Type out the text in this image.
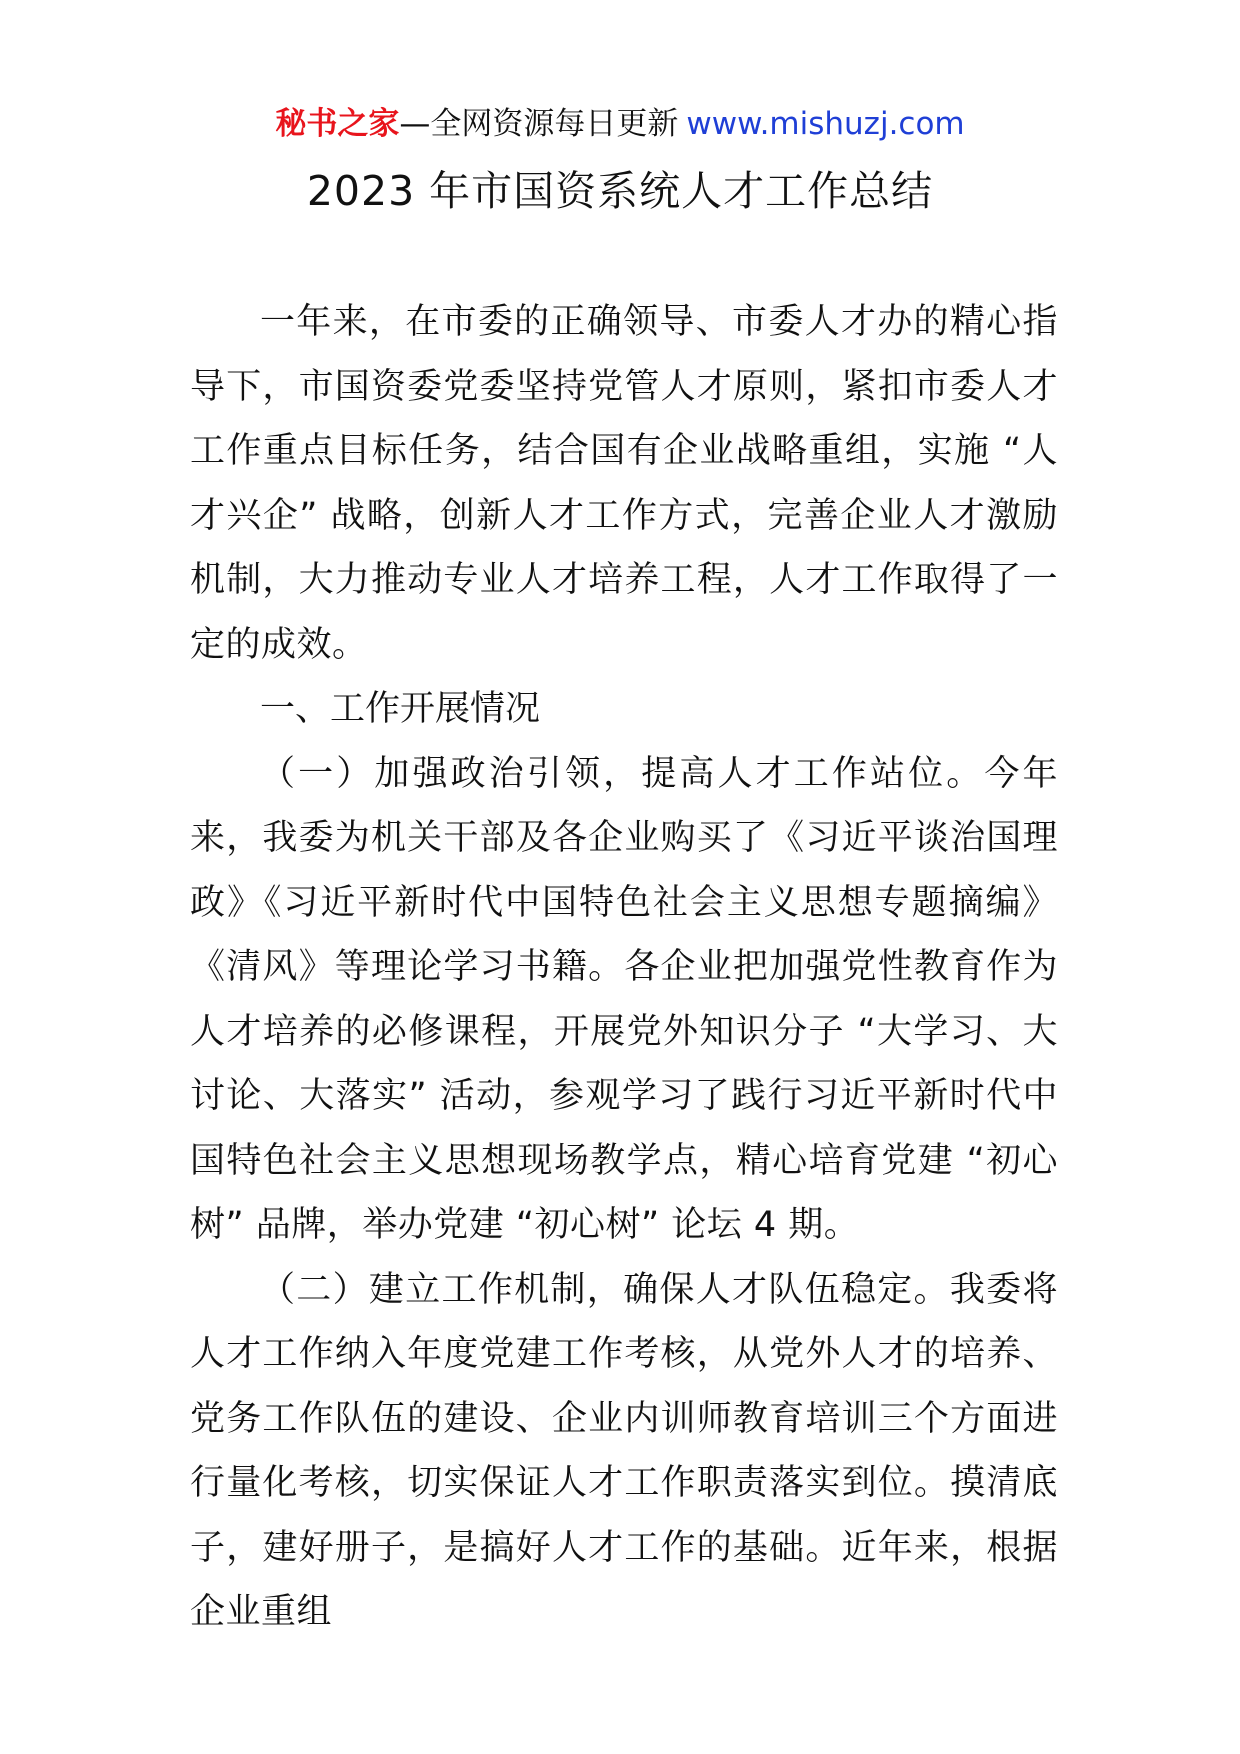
秘书之家—全网资源每日更新 www.mishuzj.com
2023 年市国资系统人才工作总结

一年来，在市委的正确领导、市委人才办的精心指导下，市国资委党委坚持党管人才原则，紧扣市委人才工作重点目标任务，结合国有企业战略重组，实施 “人才兴企” 战略，创新人才工作方式，完善企业人才激励机制，大力推动专业人才培养工程，人才工作取得了一定的成效。

一、工作开展情况

（一）加强政治引领，提高人才工作站位。今年来，我委为机关干部及各企业购买了《习近平谈治国理政》《习近平新时代中国特色社会主义思想专题摘编》《清风》等理论学习书籍。各企业把加强党性教育作为人才培养的必修课程，开展党外知识分子 “大学习、大讨论、大落实” 活动，参观学习了践行习近平新时代中国特色社会主义思想现场教学点，精心培育党建 “初心树” 品牌，举办党建 “初心树” 论坛 4 期。

（二）建立工作机制，确保人才队伍稳定。我委将人才工作纳入年度党建工作考核，从党外人才的培养、党务工作队伍的建设、企业内训师教育培训三个方面进行量化考核，切实保证人才工作职责落实到位。摸清底子，建好册子，是搞好人才工作的基础。近年来，根据企业重组
